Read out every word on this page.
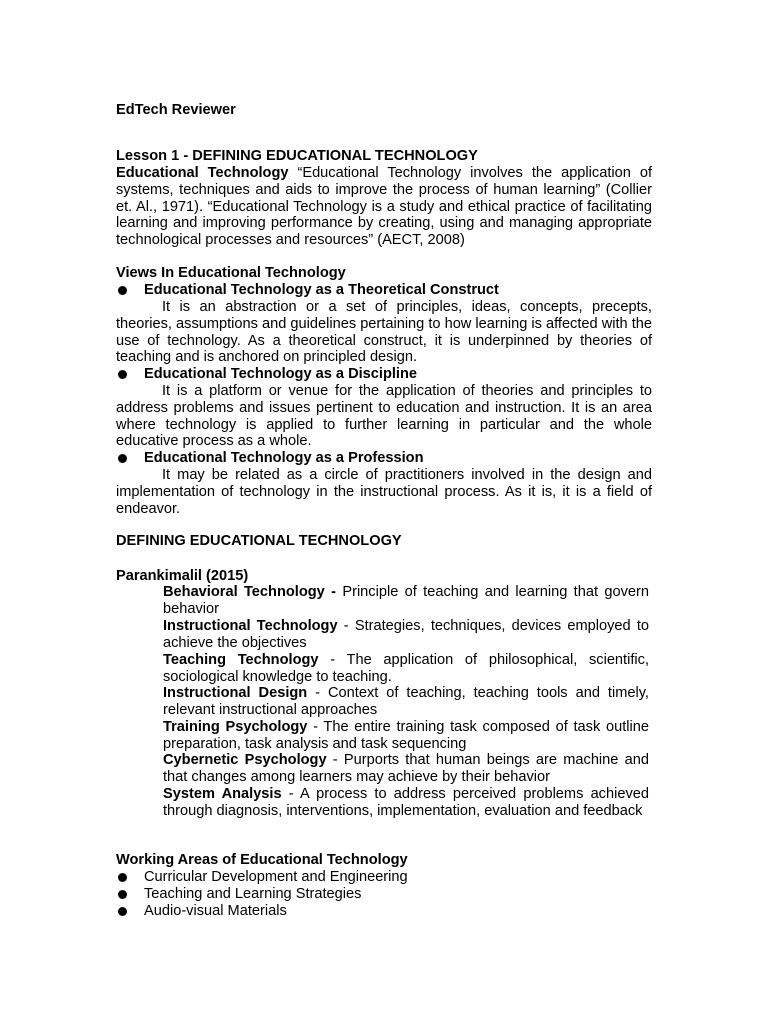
EdTech Reviewer
Lesson 1 - DEFINING EDUCATIONAL TECHNOLOGY
Educational Technology “Educational Technology involves the application of systems, techniques and aids to improve the process of human learning” (Collier et. Al., 1971). “Educational Technology is a study and ethical practice of facilitating learning and improving performance by creating, using and managing appropriate technological processes and resources” (AECT, 2008)
Views In Educational Technology
Educational Technology as a Theoretical Construct
It is an abstraction or a set of principles, ideas, concepts, precepts, theories, assumptions and guidelines pertaining to how learning is affected with the use of technology. As a theoretical construct, it is underpinned by theories of teaching and is anchored on principled design.
Educational Technology as a Discipline
It is a platform or venue for the application of theories and principles to address problems and issues pertinent to education and instruction. It is an area where technology is applied to further learning in particular and the whole educative process as a whole.
Educational Technology as a Profession
It may be related as a circle of practitioners involved in the design and implementation of technology in the instructional process. As it is, it is a field of endeavor.
DEFINING EDUCATIONAL TECHNOLOGY
Parankimalil (2015)
Behavioral Technology - Principle of teaching and learning that govern behavior
Instructional Technology - Strategies, techniques, devices employed to achieve the objectives
Teaching Technology - The application of philosophical, scientific, sociological knowledge to teaching.
Instructional Design - Context of teaching, teaching tools and timely, relevant instructional approaches
Training Psychology - The entire training task composed of task outline preparation, task analysis and task sequencing
Cybernetic Psychology - Purports that human beings are machine and that changes among learners may achieve by their behavior
System Analysis - A process to address perceived problems achieved through diagnosis, interventions, implementation, evaluation and feedback
Working Areas of Educational Technology
Curricular Development and Engineering
Teaching and Learning Strategies
Audio-visual Materials
